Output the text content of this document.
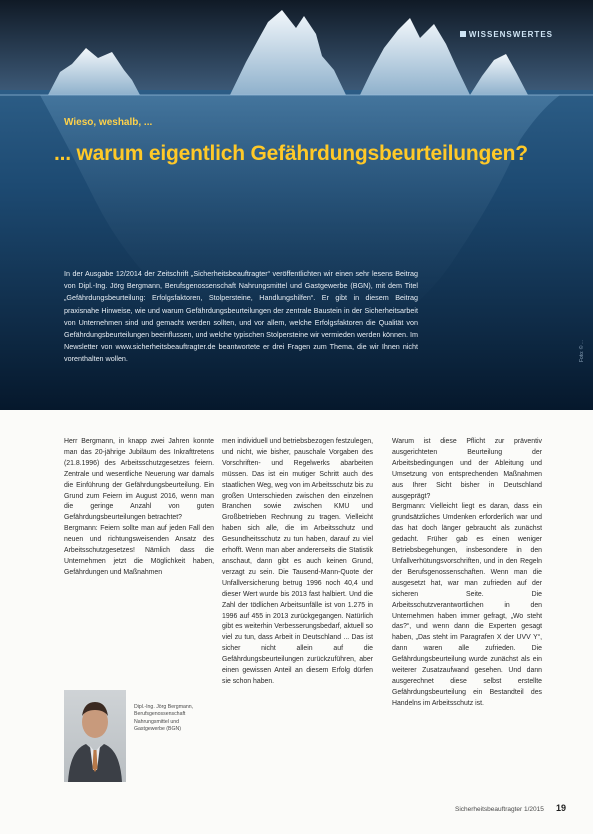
WISSENSWERTES
Wieso, weshalb, ...
... warum eigentlich Gefährdungsbeurteilungen?
In der Ausgabe 12/2014 der Zeitschrift „Sicherheitsbeauftragter“ veröffentlichten wir einen sehr lesens Beitrag von Dipl.-Ing. Jörg Bergmann, Berufsgenossenschaft Nahrungsmittel und Gastgewerbe (BGN), mit dem Titel „Gefährdungsbeurteilung: Erfolgsfaktoren, Stolpersteine, Handlungshilfen“. Er gibt in diesem Beitrag praxisnahe Hinweise, wie und warum Gefährdungsbeurteilungen der zentrale Baustein in der Sicherheitsarbeit von Unternehmen sind und gemacht werden sollten, und vor allem, welche Erfolgsfaktoren die Qualität von Gefährdungsbeurteilungen beeinflussen, und welche typischen Stolpersteine wir vermieden werden können. Im Newsletter von www.sicherheitsbeauftragter.de beantwortete er drei Fragen zum Thema, die wir Ihnen nicht vorenthalten wollen.	Foto: © ...

Herr Bergmann, in knapp zwei Jahren konnte man das 20-jährige Jubiläum des Inkrafttretens (21.8.1996) des Arbeitsschutzgesetzes feiern. Zentrale und wesentliche Neuerung war damals die Einführung der Gefährdungsbeurteilung. Ein Grund zum Feiern im August 2016, wenn man die geringe Anzahl von guten Gefährdungsbeurteilungen betrachtet?

Bergmann: Feiern sollte man auf jeden Fall den neuen und richtungsweisenden Ansatz des Arbeitsschutzgesetzes! Nämlich dass die Unternehmen jetzt die Möglichkeit haben, Gefährdungen und Maßnahmen

men individuell und betriebsbezogen festzulegen, und nicht, wie bisher, pauschale Vorgaben des Vorschriften- und Regelwerks abarbeiten müssen. Das ist ein mutiger Schritt auch des staatlichen Weg, weg von im Arbeitsschutz bis zu großen Unterschieden zwischen den einzelnen Branchen sowie zwischen KMU und Großbetrieben Rechnung zu tragen. Vielleicht haben sich alle, die im Arbeitsschutz und Gesundheitsschutz zu tun haben, darauf zu viel erhofft. Wenn man aber andererseits die Statistik anschaut, dann gibt es auch keinen Grund, verzagt zu sein. Die Tausend-Mann-Quote der Unfallversicherung betrug 1996 noch 40,4 und dieser Wert wurde bis 2013 fast halbiert. Und die Zahl der tödlichen Arbeitsunfälle ist von 1.275 in 1996 auf 455 in 2013 zurückgegangen. Natürlich gibt es weiterhin Verbesserungsbedarf, aktuell so viel zu tun, dass Arbeit in Deutschland ... Das ist sicher nicht allein auf die Gefährdungsbeurteilungen zurückzuführen, aber einen gewissen Anteil an diesem Erfolg dürfen sie schon haben.

Warum ist diese Pflicht zur präventiv ausgerichteten Beurteilung der Arbeitsbedingungen und der Ableitung und Umsetzung von entsprechenden Maßnahmen aus Ihrer Sicht bisher in Deutschland ausgeprägt?

Bergmann: Vielleicht liegt es daran, dass ein grundsätzliches Umdenken erforderlich war und das hat doch länger gebraucht als zunächst gedacht. Früher gab es einen weniger Betriebsbegehungen, insbesondere in den Unfallverhütungsvorschriften, und in den Regeln der Berufsgenossenschaften. Wenn man die ausgesetzt hat, war man zufrieden auf der sicheren Seite. Die Arbeitsschutzverantwortlichen in den Unternehmen haben immer gefragt, „Wo steht das?“, und wenn dann die Experten gesagt haben, „Das steht im Paragrafen X der UVV Y“, dann waren alle zufrieden. Die Gefährdungsbeurteilung wurde zunächst als ein weiterer Zusatzaufwand gesehen. Und dann ausgerechnet diese selbst erstellte Gefährdungsbeurteilung ein Bestandteil des Handelns im Arbeitsschutz ist.

Dipl.-Ing. Jörg Bergmann, Berufsgenossenschaft Nahrungsmittel und Gastgewerbe (BGN)
Sicherheitsbeauftragter 1/2015 19
